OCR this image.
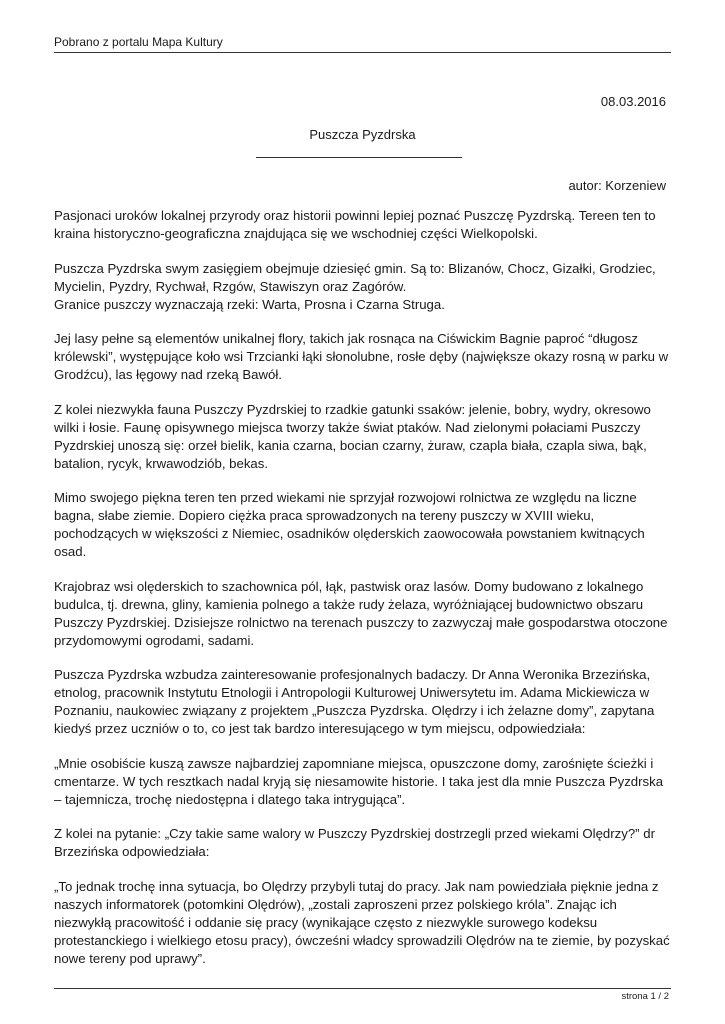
Pobrano z portalu Mapa Kultury
08.03.2016
Puszcza Pyzdrska
autor: Korzeniew

Pasjonaci uroków lokalnej przyrody oraz historii powinni lepiej poznać Puszczę Pyzdrską. Tereen ten to kraina historyczno-geograficzna znajdująca się we wschodniej części Wielkopolski.

Puszcza Pyzdrska swym zasięgiem obejmuje dziesięć gmin. Są to: Blizanów, Chocz, Gizałki, Grodziec, Mycielin, Pyzdry, Rychwał, Rzgów, Stawiszyn oraz Zagórów.
Granice puszczy wyznaczają rzeki: Warta, Prosna i Czarna Struga.

Jej lasy pełne są elementów unikalnej flory, takich jak rosnąca na Ciświckim Bagnie paproć “długosz królewski”, występujące koło wsi Trzcianki łąki słonolubne, rosłe dęby (największe okazy rosną w parku w Grodźcu), las łęgowy nad rzeką Bawół.

Z kolei niezwykła fauna Puszczy Pyzdrskiej to rzadkie gatunki ssaków: jelenie, bobry, wydry, okresowo wilki i łosie. Faunę opisywnego miejsca tworzy także świat ptaków. Nad zielonymi połaciami Puszczy Pyzdrskiej unoszą się: orzeł bielik, kania czarna, bocian czarny, żuraw, czapla biała, czapla siwa, bąk, batalion, rycyk, krwawodziób, bekas.

Mimo swojego piękna teren ten przed wiekami nie sprzyjał rozwojowi rolnictwa ze względu na liczne bagna, słabe ziemie. Dopiero ciężka praca sprowadzonych na tereny puszczy w XVIII wieku, pochodzących w większości z Niemiec, osadników olęderskich zaowocowała powstaniem kwitnących osad.

Krajobraz wsi olęderskich to szachownica pól, łąk, pastwisk oraz lasów. Domy budowano z lokalnego budulca, tj. drewna, gliny, kamienia polnego a także rudy żelaza, wyróżniającej budownictwo obszaru Puszczy Pyzdrskiej. Dzisiejsze rolnictwo na terenach puszczy to zazwyczaj małe gospodarstwa otoczone przydomowymi ogrodami, sadami.

Puszcza Pyzdrska wzbudza zainteresowanie profesjonalnych badaczy. Dr Anna Weronika Brzezińska, etnolog, pracownik Instytutu Etnologii i Antropologii Kulturowej Uniwersytetu im. Adama Mickiewicza w Poznaniu, naukowiec związany z projektem „Puszcza Pyzdrska. Olędrzy i ich żelazne domy”, zapytana kiedyś przez uczniów o to, co jest tak bardzo interesującego w tym miejscu, odpowiedziała:

„Mnie osobiście kuszą zawsze najbardziej zapomniane miejsca, opuszczone domy, zarośnięte ścieżki i cmentarze. W tych resztkach nadal kryją się niesamowite historie. I taka jest dla mnie Puszcza Pyzdrska – tajemnicza, trochę niedostępna i dlatego taka intrygująca”.

Z kolei na pytanie: „Czy takie same walory w Puszczy Pyzdrskiej dostrzegli przed wiekami Olędrzy?” dr Brzezińska odpowiedziała:

„To jednak trochę inna sytuacja, bo Olędrzy przybyli tutaj do pracy. Jak nam powiedziała pięknie jedna z naszych informatorek (potomkini Olędrów), „zostali zaproszeni przez polskiego króla”. Znając ich niezwykłą pracowitość i oddanie się pracy (wynikające często z niezwykle surowego kodeksu protestanckiego i wielkiego etosu pracy), ówcześni władcy sprowadzili Olędrów na te ziemie, by pozyskać nowe tereny pod uprawy”.

strona 1 / 2
